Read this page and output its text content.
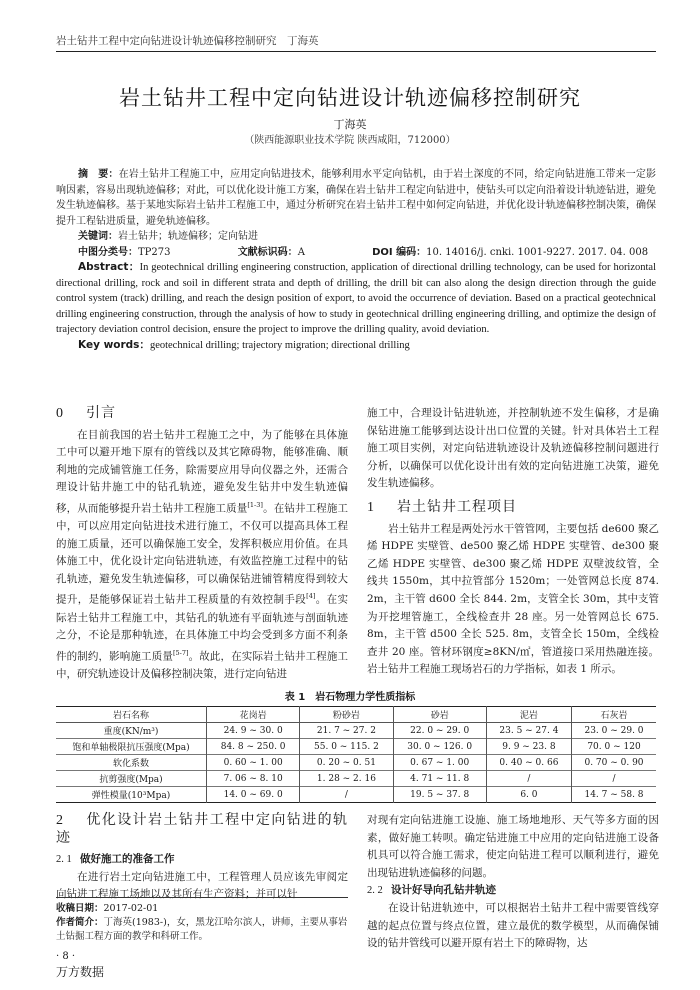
岩土钻井工程中定向钻进设计轨迹偏移控制研究　丁海英
岩土钻井工程中定向钻进设计轨迹偏移控制研究
丁海英
（陕西能源职业技术学院 陕西咸阳，712000）

摘　要：在岩土钻井工程施工中，应用定向钻进技术，能够利用水平定向钻机，由于岩土深度的不同，给定向钻进施工带来一定影响因素，容易出现轨迹偏移；对此，可以优化设计施工方案，确保在岩土钻井工程定向钻进中，使钻头可以定向沿着设计轨迹钻进，避免发生轨迹偏移。基于某地实际岩土钻井工程施工中，通过分析研究在岩土钻井工程中如何定向钻进，并优化设计轨迹偏移控制决策，确保提升工程钻进质量，避免轨迹偏移。

关键词：岩土钻井；轨迹偏移；定向钻进

中图分类号：TP273	文献标识码：A	DOI 编码：10. 14016/j. cnki. 1001-9227. 2017. 04. 008

Abstract：In geotechnical drilling engineering construction, application of directional drilling technology, can be used for horizontal directional drilling, rock and soil in different strata and depth of drilling, the drill bit can also along the design direction through the guide control system (track) drilling, and reach the design position of export, to avoid the occurrence of deviation. Based on a practical geotechnical drilling engineering construction, through the analysis of how to study in geotechnical drilling engineering drilling, and optimize the design of trajectory deviation control decision, ensure the project to improve the drilling quality, avoid deviation.

Key words：geotechnical drilling; trajectory migration; directional drilling

0 引言

在目前我国的岩土钻井工程施工之中，为了能够在具体施工中可以避开地下原有的管线以及其它障碍物，能够准确、顺利地的完成铺管施工任务，除需要应用导向仪器之外，还需合理设计钻井施工中的钻孔轨迹，避免发生钻井中发生轨迹偏移，从而能够提升岩土钻井工程施工质量[1-3]。在钻井工程施工中，可以应用定向钻进技术进行施工，不仅可以提高具体工程的施工质量，还可以确保施工安全，发挥积极应用价值。在具体施工中，优化设计定向钻进轨迹，有效监控施工过程中的钻孔轨迹，避免发生轨迹偏移，可以确保钻进铺管精度得到较大提升，是能够保证岩土钻井工程质量的有效控制手段[4]。在实际岩土钻井工程施工中，其钻孔的轨迹有平面轨迹与剖面轨迹之分，不论是那种轨迹，在具体施工中均会受到多方面不利条件的制约，影响施工质量[5-7]。故此，在实际岩土钻井工程施工中，研究轨迹设计及偏移控制决策，进行定向钻进

施工中，合理设计钻进轨迹，并控制轨迹不发生偏移，才是确保钻进施工能够到达设计出口位置的关键。针对具体岩土工程施工项目实例，对定向钻进轨迹设计及轨迹偏移控制问题进行分析，以确保可以优化设计出有效的定向钻进施工决策，避免发生轨迹偏移。

1 岩土钻井工程项目

岩土钻井工程是两处污水干管管网，主要包括 de600 聚乙烯 HDPE 实壁管、de500 聚乙烯 HDPE 实壁管、de300 聚乙烯 HDPE 实壁管、de300 聚乙烯 HDPE 双壁波纹管，全线共 1550m，其中拉管部分 1520m；一处管网总长度 874. 2m，主干管 d600 全长 844. 2m，支管全长 30m，其中支管为开挖埋管施工，全线检查井 28 座。另一处管网总长 675. 8m，主干管 d500 全长 525. 8m，支管全长 150m，全线检查井 20 座。管材环钢度≥8KN/㎡，管道接口采用热融连接。岩土钻井工程施工现场岩石的力学指标，如表 1 所示。

表 1　岩石物理力学性质指标
岩石名称	花岗岩	粉砂岩	砂岩	泥岩	石灰岩
重度(KN/m³)	24. 9 ~ 30. 0	21. 7 ~ 27. 2	22. 0 ~ 29. 0	23. 5 ~ 27. 4	23. 0 ~ 29. 0
饱和单轴极限抗压强度(Mpa)	84. 8 ~ 250. 0	55. 0 ~ 115. 2	30. 0 ~ 126. 0	9. 9 ~ 23. 8	70. 0 ~ 120
软化系数	0. 60 ~ 1. 00	0. 20 ~ 0. 51	0. 67 ~ 1. 00	0. 40 ~ 0. 66	0. 70 ~ 0. 90
抗剪强度(Mpa)	7. 06 ~ 8. 10	1. 28 ~ 2. 16	4. 71 ~ 11. 8	/	/
弹性模量(10³Mpa)	14. 0 ~ 69. 0	/	19. 5 ~ 37. 8	6. 0	14. 7 ~ 58. 8
2 优化设计岩土钻井工程中定向钻进的轨迹

2. 1 做好施工的准备工作

在进行岩土定向钻进施工中，工程管理人员应该先审阅定向钻进工程施工场地以及其所有生产资料；并可以针

收稿日期：2017-02-01

作者简介：丁海英(1983-)，女，黑龙江哈尔滨人，讲师，主要从事岩土钻掘工程方面的教学和科研工作。

· 8 ·
万方数据

对现有定向钻进施工设施、施工场地地形、天气等多方面的因素，做好施工转呗。确定钻进施工中应用的定向钻进施工设备机具可以符合施工需求，使定向钻进工程可以顺利进行，避免出现钻进轨迹偏移的问题。

2. 2 设计好导向孔钻井轨迹

在设计钻进轨迹中，可以根据岩土钻井工程中需要管线穿越的起点位置与终点位置，建立最优的数学模型，从而确保铺设的钻井管线可以避开原有岩土下的障碍物，达
